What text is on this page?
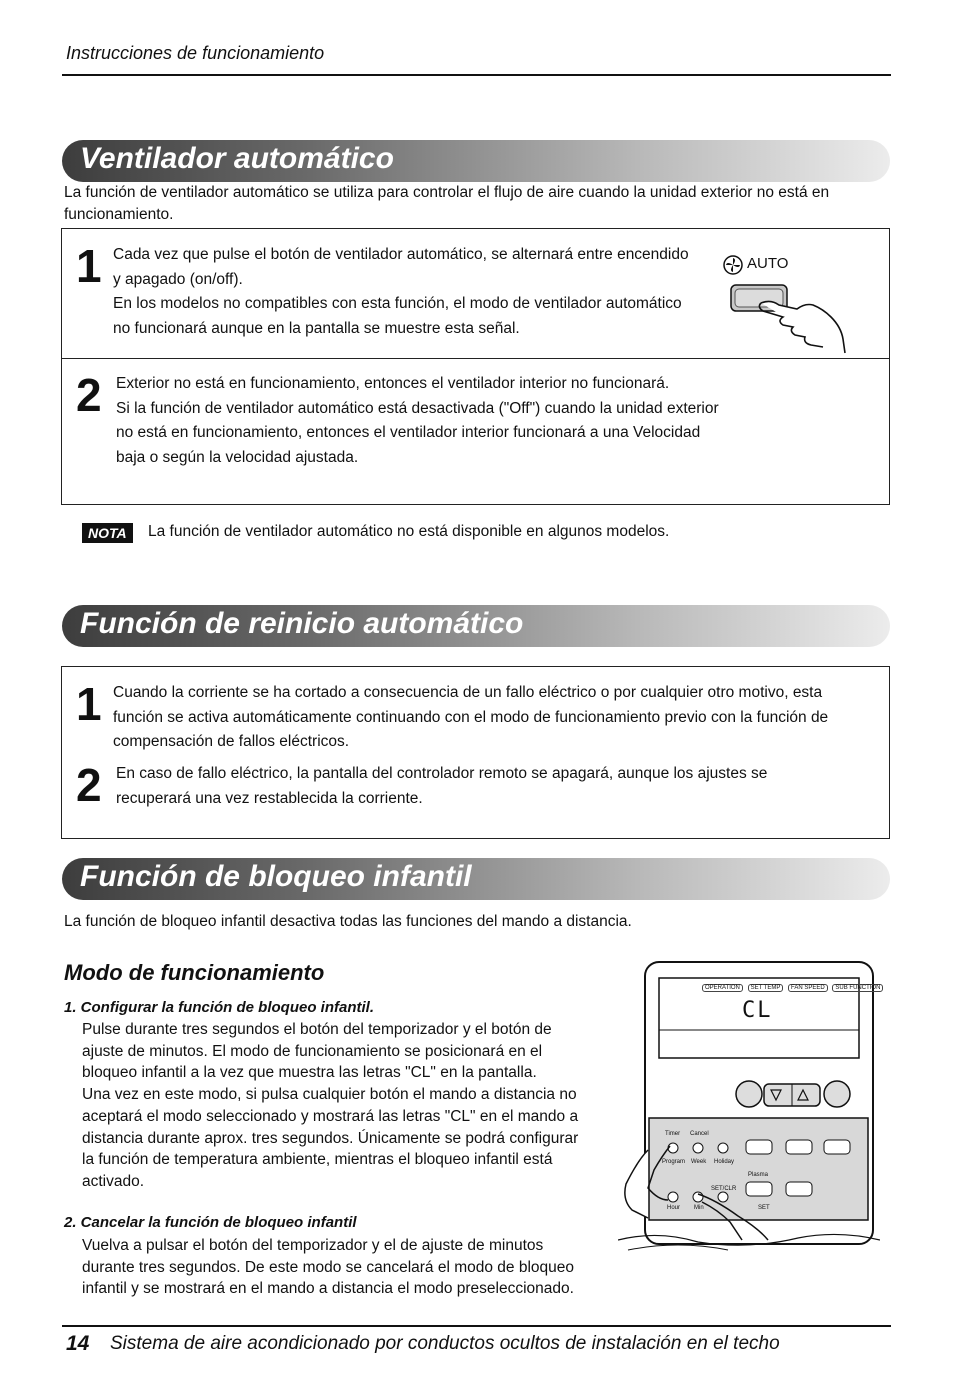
Instrucciones de funcionamiento
Ventilador automático
La función de ventilador automático se utiliza para controlar el flujo de aire cuando la unidad exterior no está en funcionamiento.
1 Cada vez que pulse el botón de ventilador automático, se alternará entre encendido
y apagado (on/off).
En los modelos no compatibles con esta función, el modo de ventilador automático
no funcionará aunque en la pantalla se muestre esta señal.
AUTO
2 Exterior no está en funcionamiento, entonces el ventilador interior no funcionará.
Si la función de ventilador automático está desactivada ("Off") cuando la unidad exterior
no está en funcionamiento, entonces el ventilador interior funcionará a una Velocidad
baja o según la velocidad ajustada.
NOTA	La función de ventilador automático no está disponible en algunos modelos.
Función de reinicio automático
1 Cuando la corriente se ha cortado a consecuencia de un fallo eléctrico o por cualquier otro motivo, esta
función se activa automáticamente continuando con el modo de funcionamiento previo con la función de
compensación de fallos eléctricos.
2 En caso de fallo eléctrico, la pantalla del controlador remoto se apagará, aunque los ajustes se
recuperará una vez restablecida la corriente.
Función de bloqueo infantil
La función de bloqueo infantil desactiva todas las funciones del mando a distancia.
Modo de funcionamiento
1. Configurar la función de bloqueo infantil.
Pulse durante tres segundos el botón del temporizador y el botón de
ajuste de minutos. El modo de funcionamiento se posicionará en el
bloqueo infantil a la vez que muestra las letras "CL" en la pantalla.
Una vez en este modo, si pulsa cualquier botón el mando a distancia no
aceptará el modo seleccionado y mostrará las letras "CL" en el mando a
distancia durante aprox. tres segundos. Únicamente se podrá configurar
la función de temperatura ambiente, mientras el bloqueo infantil está
activado.
2. Cancelar la función de bloqueo infantil
Vuelva a pulsar el botón del temporizador y el de ajuste de minutos
durante tres segundos. De este modo se cancelará el modo de bloqueo
infantil y se mostrará en el mando a distancia el modo preseleccionado.
OPERATION SET TEMP FAN SPEED SUB FUNCTION
CL
Timer Cancel
Program Week Holiday
Hour Min
SET/CLR
Plasma
SET
14 Sistema de aire acondicionado por conductos ocultos de instalación en el techo
